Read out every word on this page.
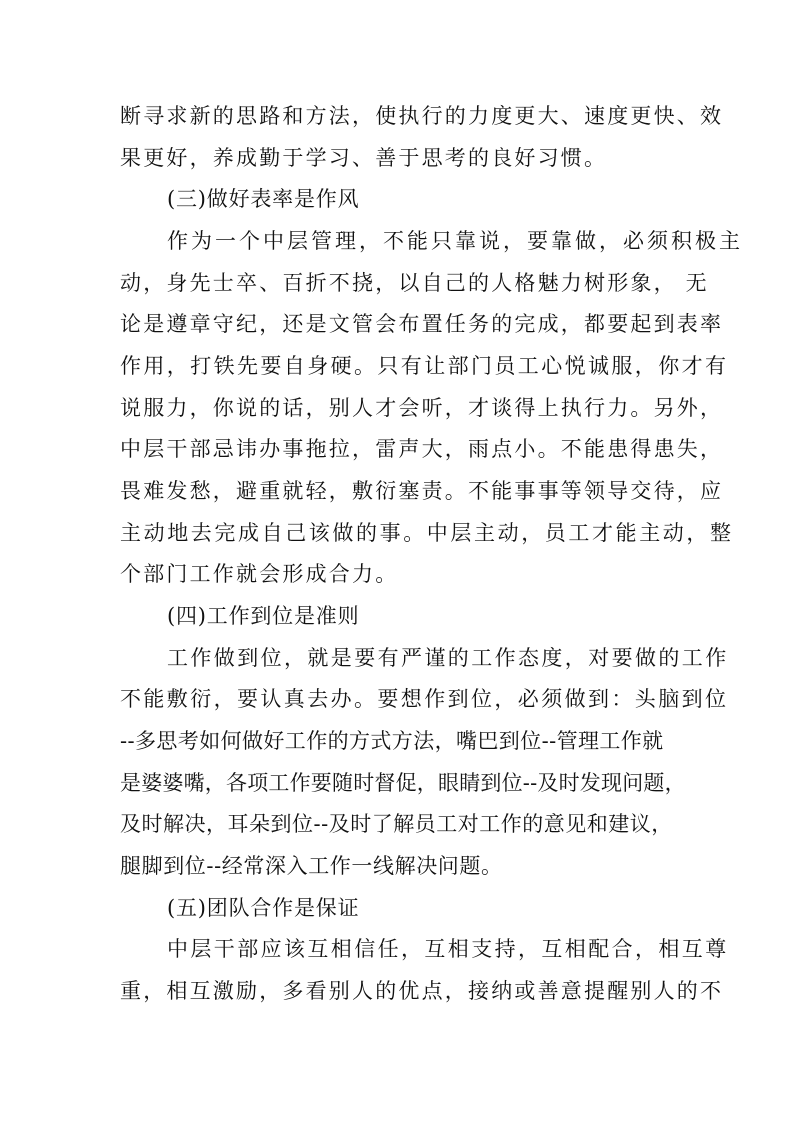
断寻求新的思路和方法，使执行的力度更大、速度更快、效
果更好，养成勤于学习、善于思考的良好习惯。
(三)做好表率是作风
作为一个中层管理，不能只靠说，要靠做，必须积极主
动，身先士卒、百折不挠，以自己的人格魅力树形象， 无
论是遵章守纪，还是文管会布置任务的完成，都要起到表率
作用，打铁先要自身硬。只有让部门员工心悦诚服，你才有
说服力，你说的话，别人才会听，才谈得上执行力。另外，
中层干部忌讳办事拖拉，雷声大，雨点小。不能患得患失，
畏难发愁，避重就轻，敷衍塞责。不能事事等领导交待，应
主动地去完成自己该做的事。中层主动，员工才能主动，整
个部门工作就会形成合力。
(四)工作到位是准则
工作做到位，就是要有严谨的工作态度，对要做的工作
不能敷衍，要认真去办。要想作到位，必须做到：头脑到位
--多思考如何做好工作的方式方法，嘴巴到位--管理工作就
是婆婆嘴，各项工作要随时督促，眼睛到位--及时发现问题，
及时解决，耳朵到位--及时了解员工对工作的意见和建议，
腿脚到位--经常深入工作一线解决问题。
(五)团队合作是保证
中层干部应该互相信任，互相支持，互相配合，相互尊
重，相互激励，多看别人的优点，接纳或善意提醒别人的不
